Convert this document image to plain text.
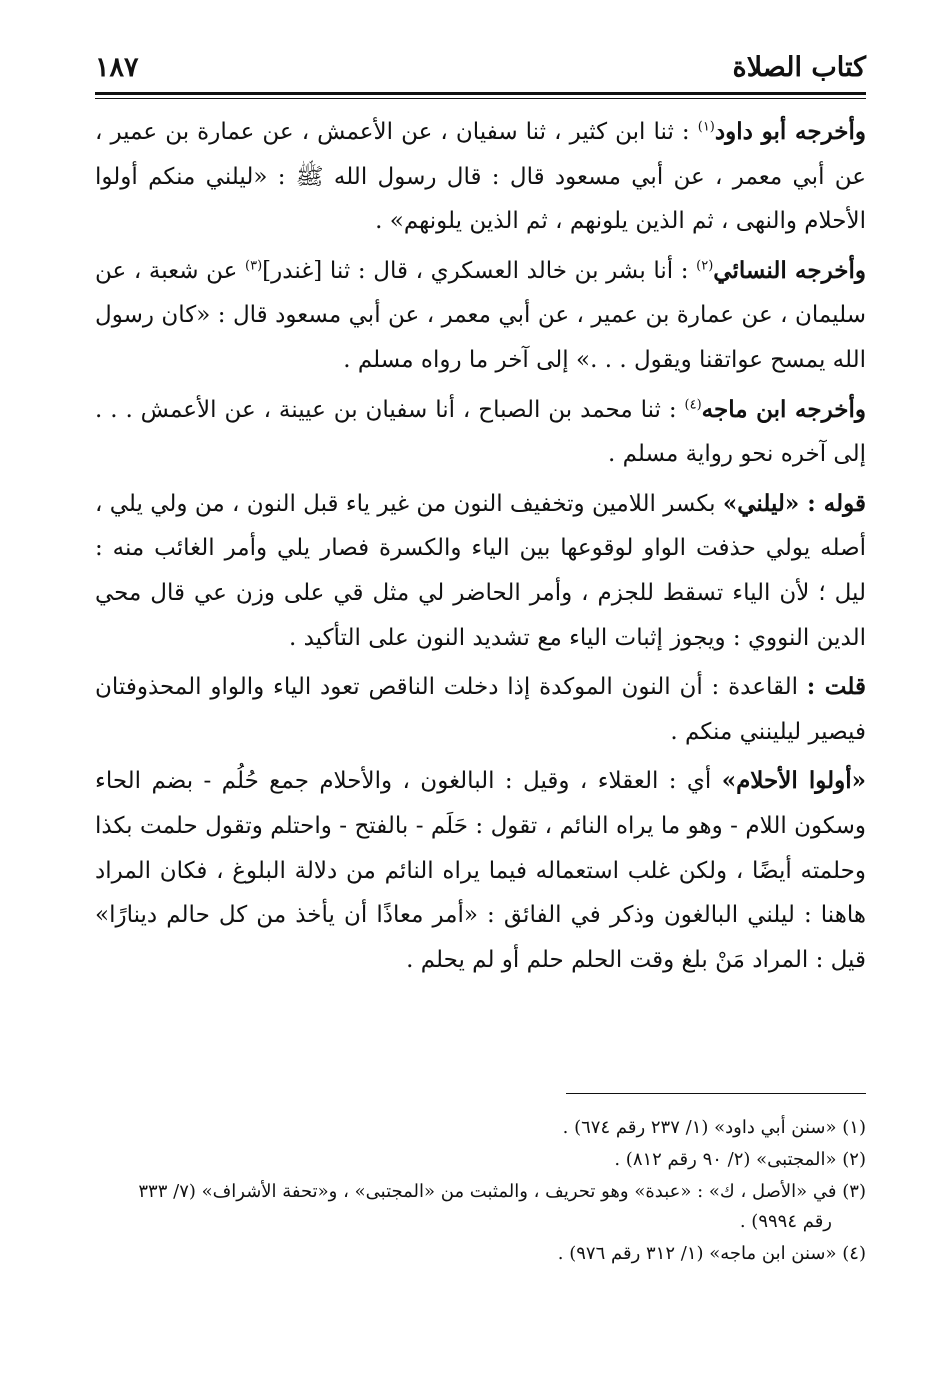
كتاب الصلاة
١٨٧

وأخرجه أبو داود$^{(١)}$ : ثنا ابن كثير ، ثنا سفيان ، عن الأعمش ، عن عمارة بن عمير ، عن أبي معمر ، عن أبي مسعود قال : قال رسول الله ﷺ : «ليلني منكم أولوا الأحلام والنهى ، ثم الذين يلونهم ، ثم الذين يلونهم» .

وأخرجه النسائي$^{(٢)}$ : أنا بشر بن خالد العسكري ، قال : ثنا [غندر]$^{(٣)}$ عن شعبة ، عن سليمان ، عن عمارة بن عمير ، عن أبي معمر ، عن أبي مسعود قال : «كان رسول الله يمسح عواتقنا ويقول . . .» إلى آخر ما رواه مسلم .

وأخرجه ابن ماجه$^{(٤)}$ : ثنا محمد بن الصباح ، أنا سفيان بن عيينة ، عن الأعمش . . . إلى آخره نحو رواية مسلم .

قوله : «ليلني» بكسر اللامين وتخفيف النون من غير ياء قبل النون ، من ولي يلي ، أصله يولي حذفت الواو لوقوعها بين الياء والكسرة فصار يلي وأمر الغائب منه : ليل ؛ لأن الياء تسقط للجزم ، وأمر الحاضر لي مثل قي على وزن عي قال محي الدين النووي : ويجوز إثبات الياء مع تشديد النون على التأكيد .

قلت : القاعدة : أن النون الموكدة إذا دخلت الناقص تعود الياء والواو المحذوفتان فيصير ليلينني منكم .

«أولوا الأحلام» أي : العقلاء ، وقيل : البالغون ، والأحلام جمع حُلُم - بضم الحاء وسكون اللام - وهو ما يراه النائم ، تقول : حَلَم - بالفتح - واحتلم وتقول حلمت بكذا وحلمته أيضًا ، ولكن غلب استعماله فيما يراه النائم من دلالة البلوغ ، فكان المراد هاهنا : ليلني البالغون وذكر في الفائق : «أمر معاذًا أن يأخذ من كل حالم دينارًا» قيل : المراد مَنْ بلغ وقت الحلم حلم أو لم يحلم .

(١) «سنن أبي داود» (١/ ٢٣٧ رقم ٦٧٤) .
(٢) «المجتبى» (٢/ ٩٠ رقم ٨١٢) .
(٣) في «الأصل ، ك» : «عبدة» وهو تحريف ، والمثبت من «المجتبى» ، و«تحفة الأشراف» (٧/ ٣٣٣
رقم ٩٩٩٤) .
(٤) «سنن ابن ماجه» (١/ ٣١٢ رقم ٩٧٦) .
